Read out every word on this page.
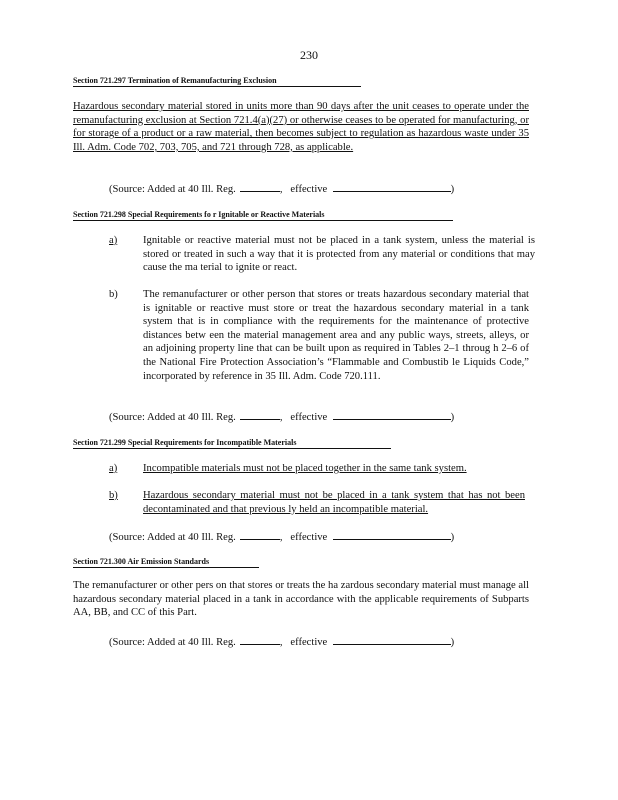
230
Section 721.297 Termination of Remanufacturing Exclusion
Hazardous secondary material stored in units more than 90 days after the unit ceases to operate under the remanufacturing exclusion at Section 721.4(a)(27) or otherwise ceases to be operated for manufacturing, or for storage of a product or a raw material, then becomes subject to regulation as hazardous waste under 35 Ill. Adm. Code 702, 703, 705, and 721 through 728, as applicable.
(Source: Added at 40 Ill. Reg.	,   effective	)
Section 721.298 Special Requirements fo r Ignitable or Reactive Materials
a) Ignitable or reactive material must not be placed in a tank system, unless the material is stored or treated in such a way that it is protected from any material or conditions that may cause the ma terial to ignite or react.
b) The remanufacturer or other person that stores or treats hazardous secondary material that is ignitable or reactive must store or treat the hazardous secondary material in a tank system that is in compliance with the requirements for the maintenance of protective distances betw een the material management area and any public ways, streets, alleys, or an adjoining property line that can be built upon as required in Tables 2–1 throug h 2–6 of the National Fire Protection Association’s “Flammable and Combustib le Liquids Code,” incorporated by reference in 35 Ill. Adm. Code 720.111.
(Source: Added at 40 Ill. Reg.	,   effective	)
Section 721.299 Special Requirements for Incompatible Materials
a) Incompatible materials must not be placed together in the same tank system.
b) Hazardous secondary material must not be placed in a tank system that has not been decontaminated and that previous ly held an incompatible material.
(Source: Added at 40 Ill. Reg.	,   effective	)
Section 721.300 Air Emission Standards
The remanufacturer or other pers on that stores or treats the ha zardous secondary material must manage all hazardous secondary material placed in a tank in accordance with the applicable requirements of Subparts AA, BB, and CC of this Part.
(Source: Added at 40 Ill. Reg.	,   effective	)
